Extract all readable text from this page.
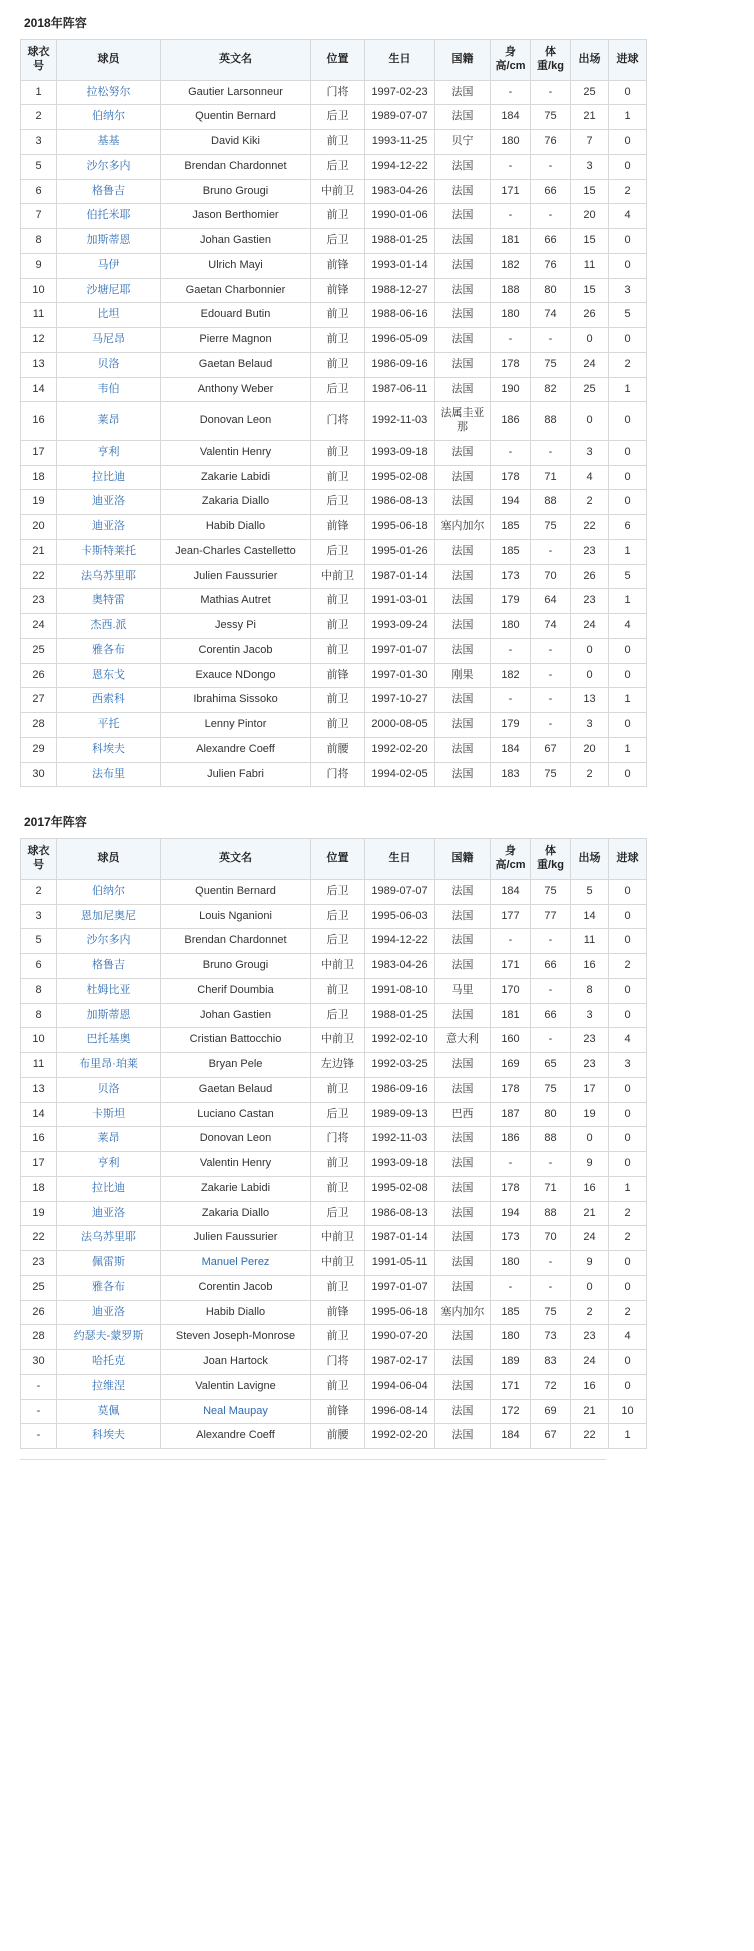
2018年阵容
球衣号	球员	英文名	位置	生日	国籍	身高/cm	体重/kg	出场	进球
1	拉松努尔	Gautier Larsonneur	门将	1997-02-23	法国	-	-	25	0
2	伯纳尔	Quentin Bernard	后卫	1989-07-07	法国	184	75	21	1
3	基基	David Kiki	前卫	1993-11-25	贝宁	180	76	7	0
5	沙尔多内	Brendan Chardonnet	后卫	1994-12-22	法国	-	-	3	0
6	格鲁吉	Bruno Grougi	中前卫	1983-04-26	法国	171	66	15	2
7	伯托米耶	Jason Berthomier	前卫	1990-01-06	法国	-	-	20	4
8	加斯蒂恩	Johan Gastien	后卫	1988-01-25	法国	181	66	15	0
9	马伊	Ulrich Mayi	前锋	1993-01-14	法国	182	76	11	0
10	沙塘尼耶	Gaetan Charbonnier	前锋	1988-12-27	法国	188	80	15	3
11	比坦	Edouard Butin	前卫	1988-06-16	法国	180	74	26	5
12	马尼昂	Pierre Magnon	前卫	1996-05-09	法国	-	-	0	0
13	贝洛	Gaetan Belaud	前卫	1986-09-16	法国	178	75	24	2
14	韦伯	Anthony Weber	后卫	1987-06-11	法国	190	82	25	1
16	莱昂	Donovan Leon	门将	1992-11-03	法属圭亚那	186	88	0	0
17	亨利	Valentin Henry	前卫	1993-09-18	法国	-	-	3	0
18	拉比迪	Zakarie Labidi	前卫	1995-02-08	法国	178	71	4	0
19	迪亚洛	Zakaria Diallo	后卫	1986-08-13	法国	194	88	2	0
20	迪亚洛	Habib Diallo	前锋	1995-06-18	塞内加尔	185	75	22	6
21	卡斯特莱托	Jean-Charles Castelletto	后卫	1995-01-26	法国	185	-	23	1
22	法乌苏里耶	Julien Faussurier	中前卫	1987-01-14	法国	173	70	26	5
23	奥特雷	Mathias Autret	前卫	1991-03-01	法国	179	64	23	1
24	杰西.派	Jessy Pi	前卫	1993-09-24	法国	180	74	24	4
25	雅各布	Corentin Jacob	前卫	1997-01-07	法国	-	-	0	0
26	恩东戈	Exauce NDongo	前锋	1997-01-30	刚果	182	-	0	0
27	西索科	Ibrahima Sissoko	前卫	1997-10-27	法国	-	-	13	1
28	平托	Lenny Pintor	前卫	2000-08-05	法国	179	-	3	0
29	科埃夫	Alexandre Coeff	前腰	1992-02-20	法国	184	67	20	1
30	法布里	Julien Fabri	门将	1994-02-05	法国	183	75	2	0
2017年阵容
球衣号	球员	英文名	位置	生日	国籍	身高/cm	体重/kg	出场	进球
2	伯纳尔	Quentin Bernard	后卫	1989-07-07	法国	184	75	5	0
3	恩加尼奥尼	Louis Nganioni	后卫	1995-06-03	法国	177	77	14	0
5	沙尔多内	Brendan Chardonnet	后卫	1994-12-22	法国	-	-	11	0
6	格鲁吉	Bruno Grougi	中前卫	1983-04-26	法国	171	66	16	2
8	杜姆比亚	Cherif Doumbia	前卫	1991-08-10	马里	170	-	8	0
8	加斯蒂恩	Johan Gastien	后卫	1988-01-25	法国	181	66	3	0
10	巴托基奥	Cristian Battocchio	中前卫	1992-02-10	意大利	160	-	23	4
11	布里昂·珀莱	Bryan Pele	左边锋	1992-03-25	法国	169	65	23	3
13	贝洛	Gaetan Belaud	前卫	1986-09-16	法国	178	75	17	0
14	卡斯坦	Luciano Castan	后卫	1989-09-13	巴西	187	80	19	0
16	莱昂	Donovan Leon	门将	1992-11-03	法国	186	88	0	0
17	亨利	Valentin Henry	前卫	1993-09-18	法国	-	-	9	0
18	拉比迪	Zakarie Labidi	前卫	1995-02-08	法国	178	71	16	1
19	迪亚洛	Zakaria Diallo	后卫	1986-08-13	法国	194	88	21	2
22	法乌苏里耶	Julien Faussurier	中前卫	1987-01-14	法国	173	70	24	2
23	佩雷斯	Manuel Perez	中前卫	1991-05-11	法国	180	-	9	0
25	雅各布	Corentin Jacob	前卫	1997-01-07	法国	-	-	0	0
26	迪亚洛	Habib Diallo	前锋	1995-06-18	塞内加尔	185	75	2	2
28	约瑟夫-蒙罗斯	Steven Joseph-Monrose	前卫	1990-07-20	法国	180	73	23	4
30	哈托克	Joan Hartock	门将	1987-02-17	法国	189	83	24	0
-	拉维涅	Valentin Lavigne	前卫	1994-06-04	法国	171	72	16	0
-	莫佩	Neal Maupay	前锋	1996-08-14	法国	172	69	21	10
-	科埃夫	Alexandre Coeff	前腰	1992-02-20	法国	184	67	22	1
